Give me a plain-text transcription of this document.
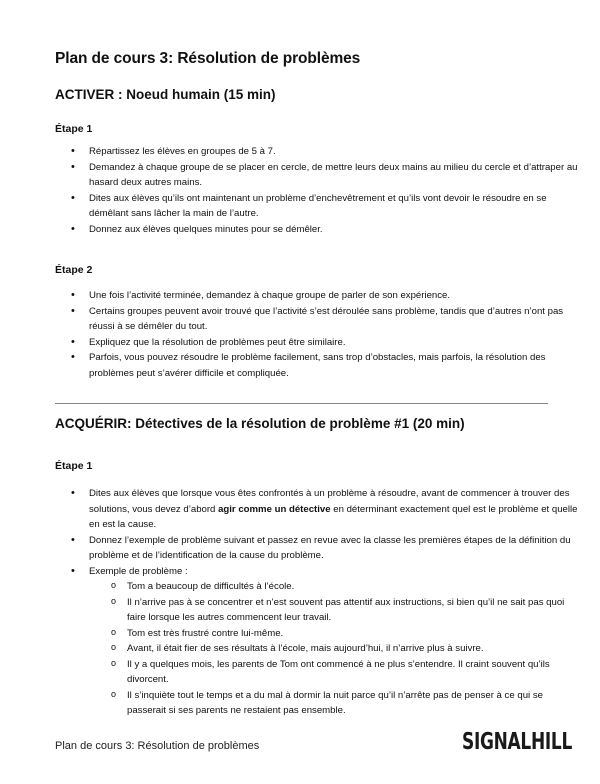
Plan de cours 3: Résolution de problèmes
ACTIVER : Noeud humain (15 min)
Étape 1
• Répartissez les élèves en groupes de 5 à 7.
• Demandez à chaque groupe de se placer en cercle, de mettre leurs deux mains au milieu du cercle et d’attraper au hasard deux autres mains.
• Dites aux élèves qu’ils ont maintenant un problème d’enchevêtrement et qu’ils vont devoir le résoudre en se démêlant sans lâcher la main de l’autre.
• Donnez aux élèves quelques minutes pour se démêler.
Étape 2
• Une fois l’activité terminée, demandez à chaque groupe de parler de son expérience.
• Certains groupes peuvent avoir trouvé que l’activité s’est déroulée sans problème, tandis que d’autres n’ont pas réussi à se démêler du tout.
• Expliquez que la résolution de problèmes peut être similaire.
• Parfois, vous pouvez résoudre le problème facilement, sans trop d’obstacles, mais parfois, la résolution des problèmes peut s’avérer difficile et compliquée.
ACQUÉRIR: Détectives de la résolution de problème #1 (20 min)
Étape 1
• Dites aux élèves que lorsque vous êtes confrontés à un problème à résoudre, avant de commencer à trouver des solutions, vous devez d’abord agir comme un détective en déterminant exactement quel est le problème et quelle en est la cause.
• Donnez l’exemple de problème suivant et passez en revue avec la classe les premières étapes de la définition du problème et de l’identification de la cause du problème.
• Exemple de problème :
o Tom a beaucoup de difficultés à l’école.
o Il n’arrive pas à se concentrer et n’est souvent pas attentif aux instructions, si bien qu’il ne sait pas quoi faire lorsque les autres commencent leur travail.
o Tom est très frustré contre lui-même.
o Avant, il était fier de ses résultats à l’école, mais aujourd’hui, il n’arrive plus à suivre.
o Il y a quelques mois, les parents de Tom ont commencé à ne plus s’entendre. Il craint souvent qu’ils divorcent.
o Il s’inquiète tout le temps et a du mal à dormir la nuit parce qu’il n’arrête pas de penser à ce qui se passerait si ses parents ne restaient pas ensemble.

Plan de cours 3: Résolution de problèmes	SIGNAL HILL
